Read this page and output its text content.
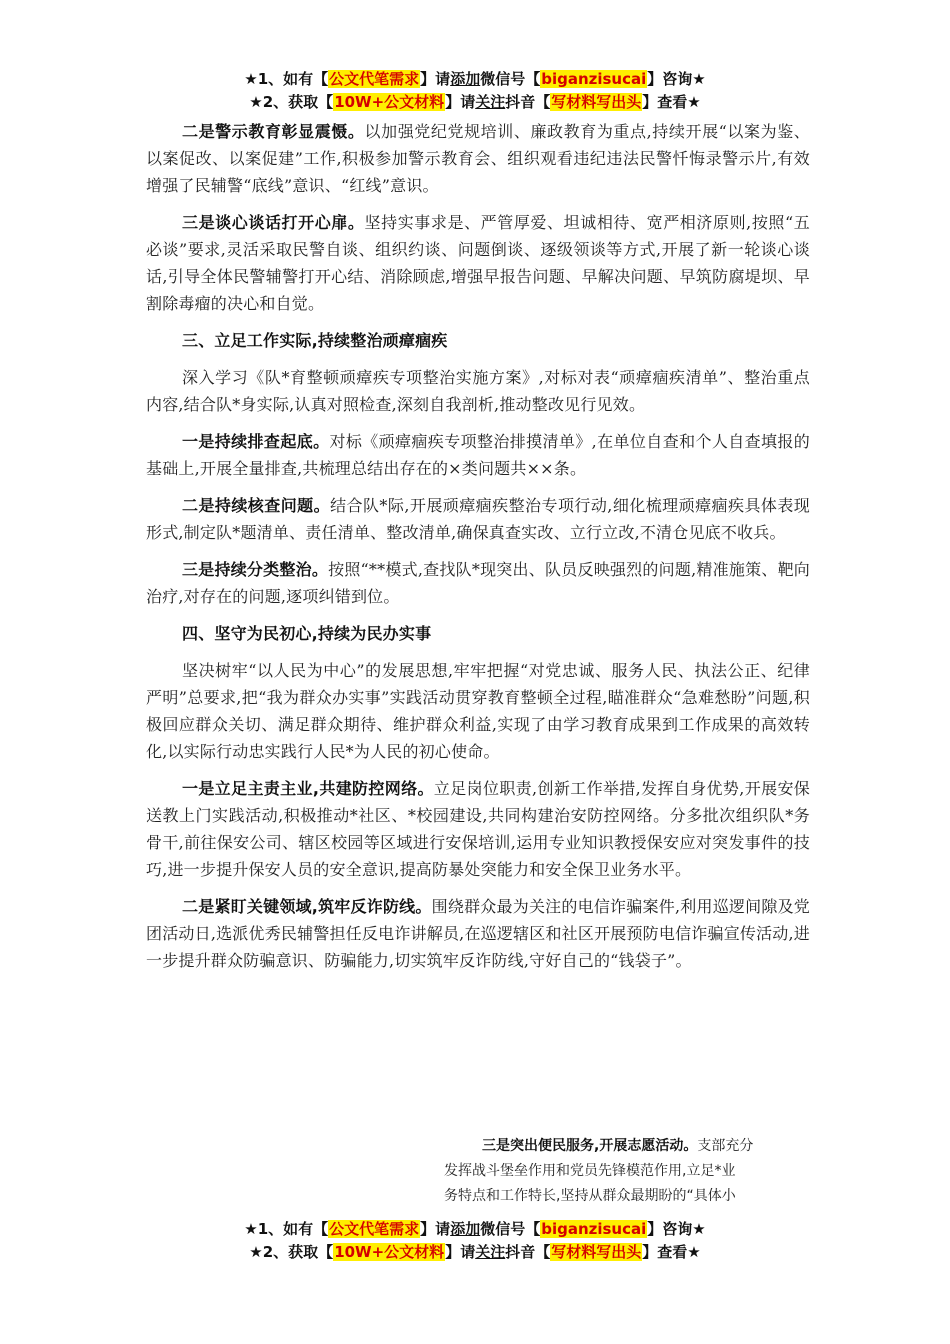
★1、如有【公文代笔需求】请添加微信号【biganzisucai】咨询★
★2、获取【10W+公文材料】请关注抖音【写材料写出头】查看★

二是警示教育彰显震慑。以加强党纪党规培训、廉政教育为重点,持续开展“以案为鉴、以案促改、以案促建”工作,积极参加警示教育会、组织观看违纪违法民警忏悔录警示片,有效增强了民辅警“底线”意识、“红线”意识。

三是谈心谈话打开心扉。坚持实事求是、严管厚爱、坦诚相待、宽严相济原则,按照“五必谈”要求,灵活采取民警自谈、组织约谈、问题倒谈、逐级领谈等方式,开展了新一轮谈心谈话,引导全体民警辅警打开心结、消除顾虑,增强早报告问题、早解决问题、早筑防腐堤坝、早割除毒瘤的决心和自觉。

三、立足工作实际,持续整治顽瘴痼疾

深入学习《队*育整顿顽瘴疾专项整治实施方案》,对标对表“顽瘴痼疾清单”、整治重点内容,结合队*身实际,认真对照检查,深刻自我剖析,推动整改见行见效。

一是持续排查起底。对标《顽瘴痼疾专项整治排摸清单》,在单位自查和个人自查填报的基础上,开展全量排查,共梳理总结出存在的×类问题共××条。

二是持续核查问题。结合队*际,开展顽瘴痼疾整治专项行动,细化梳理顽瘴痼疾具体表现形式,制定队*题清单、责任清单、整改清单,确保真查实改、立行立改,不清仓见底不收兵。

三是持续分类整治。按照“**模式,查找队*现突出、队员反映强烈的问题,精准施策、靶向治疗,对存在的问题,逐项纠错到位。

四、坚守为民初心,持续为民办实事

坚决树牢“以人民为中心”的发展思想,牢牢把握“对党忠诚、服务人民、执法公正、纪律严明”总要求,把“我为群众办实事”实践活动贯穿教育整顿全过程,瞄准群众“急难愁盼”问题,积极回应群众关切、满足群众期待、维护群众利益,实现了由学习教育成果到工作成果的高效转化,以实际行动忠实践行人民*为人民的初心使命。

一是立足主责主业,共建防控网络。立足岗位职责,创新工作举措,发挥自身优势,开展安保送教上门实践活动,积极推动*社区、*校园建设,共同构建治安防控网络。分多批次组织队*务骨干,前往保安公司、辖区校园等区域进行安保培训,运用专业知识教授保安应对突发事件的技巧,进一步提升保安人员的安全意识,提高防暴处突能力和安全保卫业务水平。

二是紧盯关键领域,筑牢反诈防线。围绕群众最为关注的电信诈骗案件,利用巡逻间隙及党团活动日,选派优秀民辅警担任反电诈讲解员,在巡逻辖区和社区开展预防电信诈骗宣传活动,进一步提升群众防骗意识、防骗能力,切实筑牢反诈防线,守好自己的“钱袋子”。

三是突出便民服务,开展志愿活动。支部充分
发挥战斗堡垒作用和党员先锋模范作用,立足*业
务特点和工作特长,坚持从群众最期盼的“具体小
★1、如有【公文代笔需求】请添加微信号【biganzisucai】咨询★
★2、获取【10W+公文材料】请关注抖音【写材料写出头】查看★
